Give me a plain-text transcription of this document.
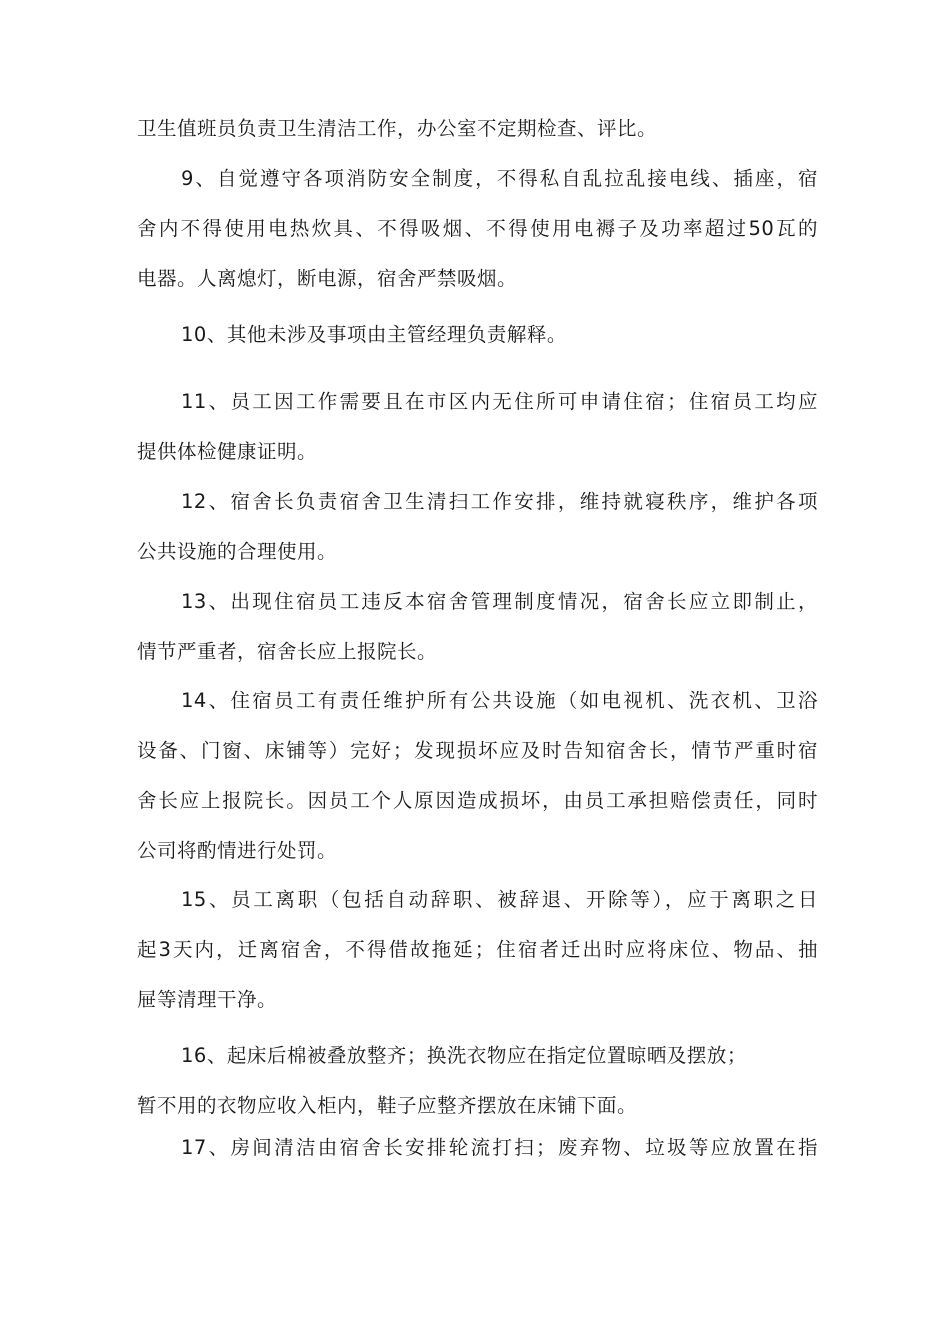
卫生值班员负责卫生清洁工作，办公室不定期检查、评比。
9、自觉遵守各项消防安全制度，不得私自乱拉乱接电线、插座，宿
舍内不得使用电热炊具、不得吸烟、不得使用电褥子及功率超过50瓦的
电器。人离熄灯，断电源，宿舍严禁吸烟。
10、其他未涉及事项由主管经理负责解释。
11、员工因工作需要且在市区内无住所可申请住宿；住宿员工均应
提供体检健康证明。
12、宿舍长负责宿舍卫生清扫工作安排，维持就寝秩序，维护各项
公共设施的合理使用。
13、出现住宿员工违反本宿舍管理制度情况，宿舍长应立即制止，
情节严重者，宿舍长应上报院长。
14、住宿员工有责任维护所有公共设施（如电视机、洗衣机、卫浴
设备、门窗、床铺等）完好；发现损坏应及时告知宿舍长，情节严重时宿
舍长应上报院长。因员工个人原因造成损坏，由员工承担赔偿责任，同时
公司将酌情进行处罚。
15、员工离职（包括自动辞职、被辞退、开除等），应于离职之日
起3天内，迁离宿舍，不得借故拖延；住宿者迁出时应将床位、物品、抽
屉等清理干净。
16、起床后棉被叠放整齐；换洗衣物应在指定位置晾晒及摆放；
暂不用的衣物应收入柜内，鞋子应整齐摆放在床铺下面。
17、房间清洁由宿舍长安排轮流打扫；废弃物、垃圾等应放置在指
